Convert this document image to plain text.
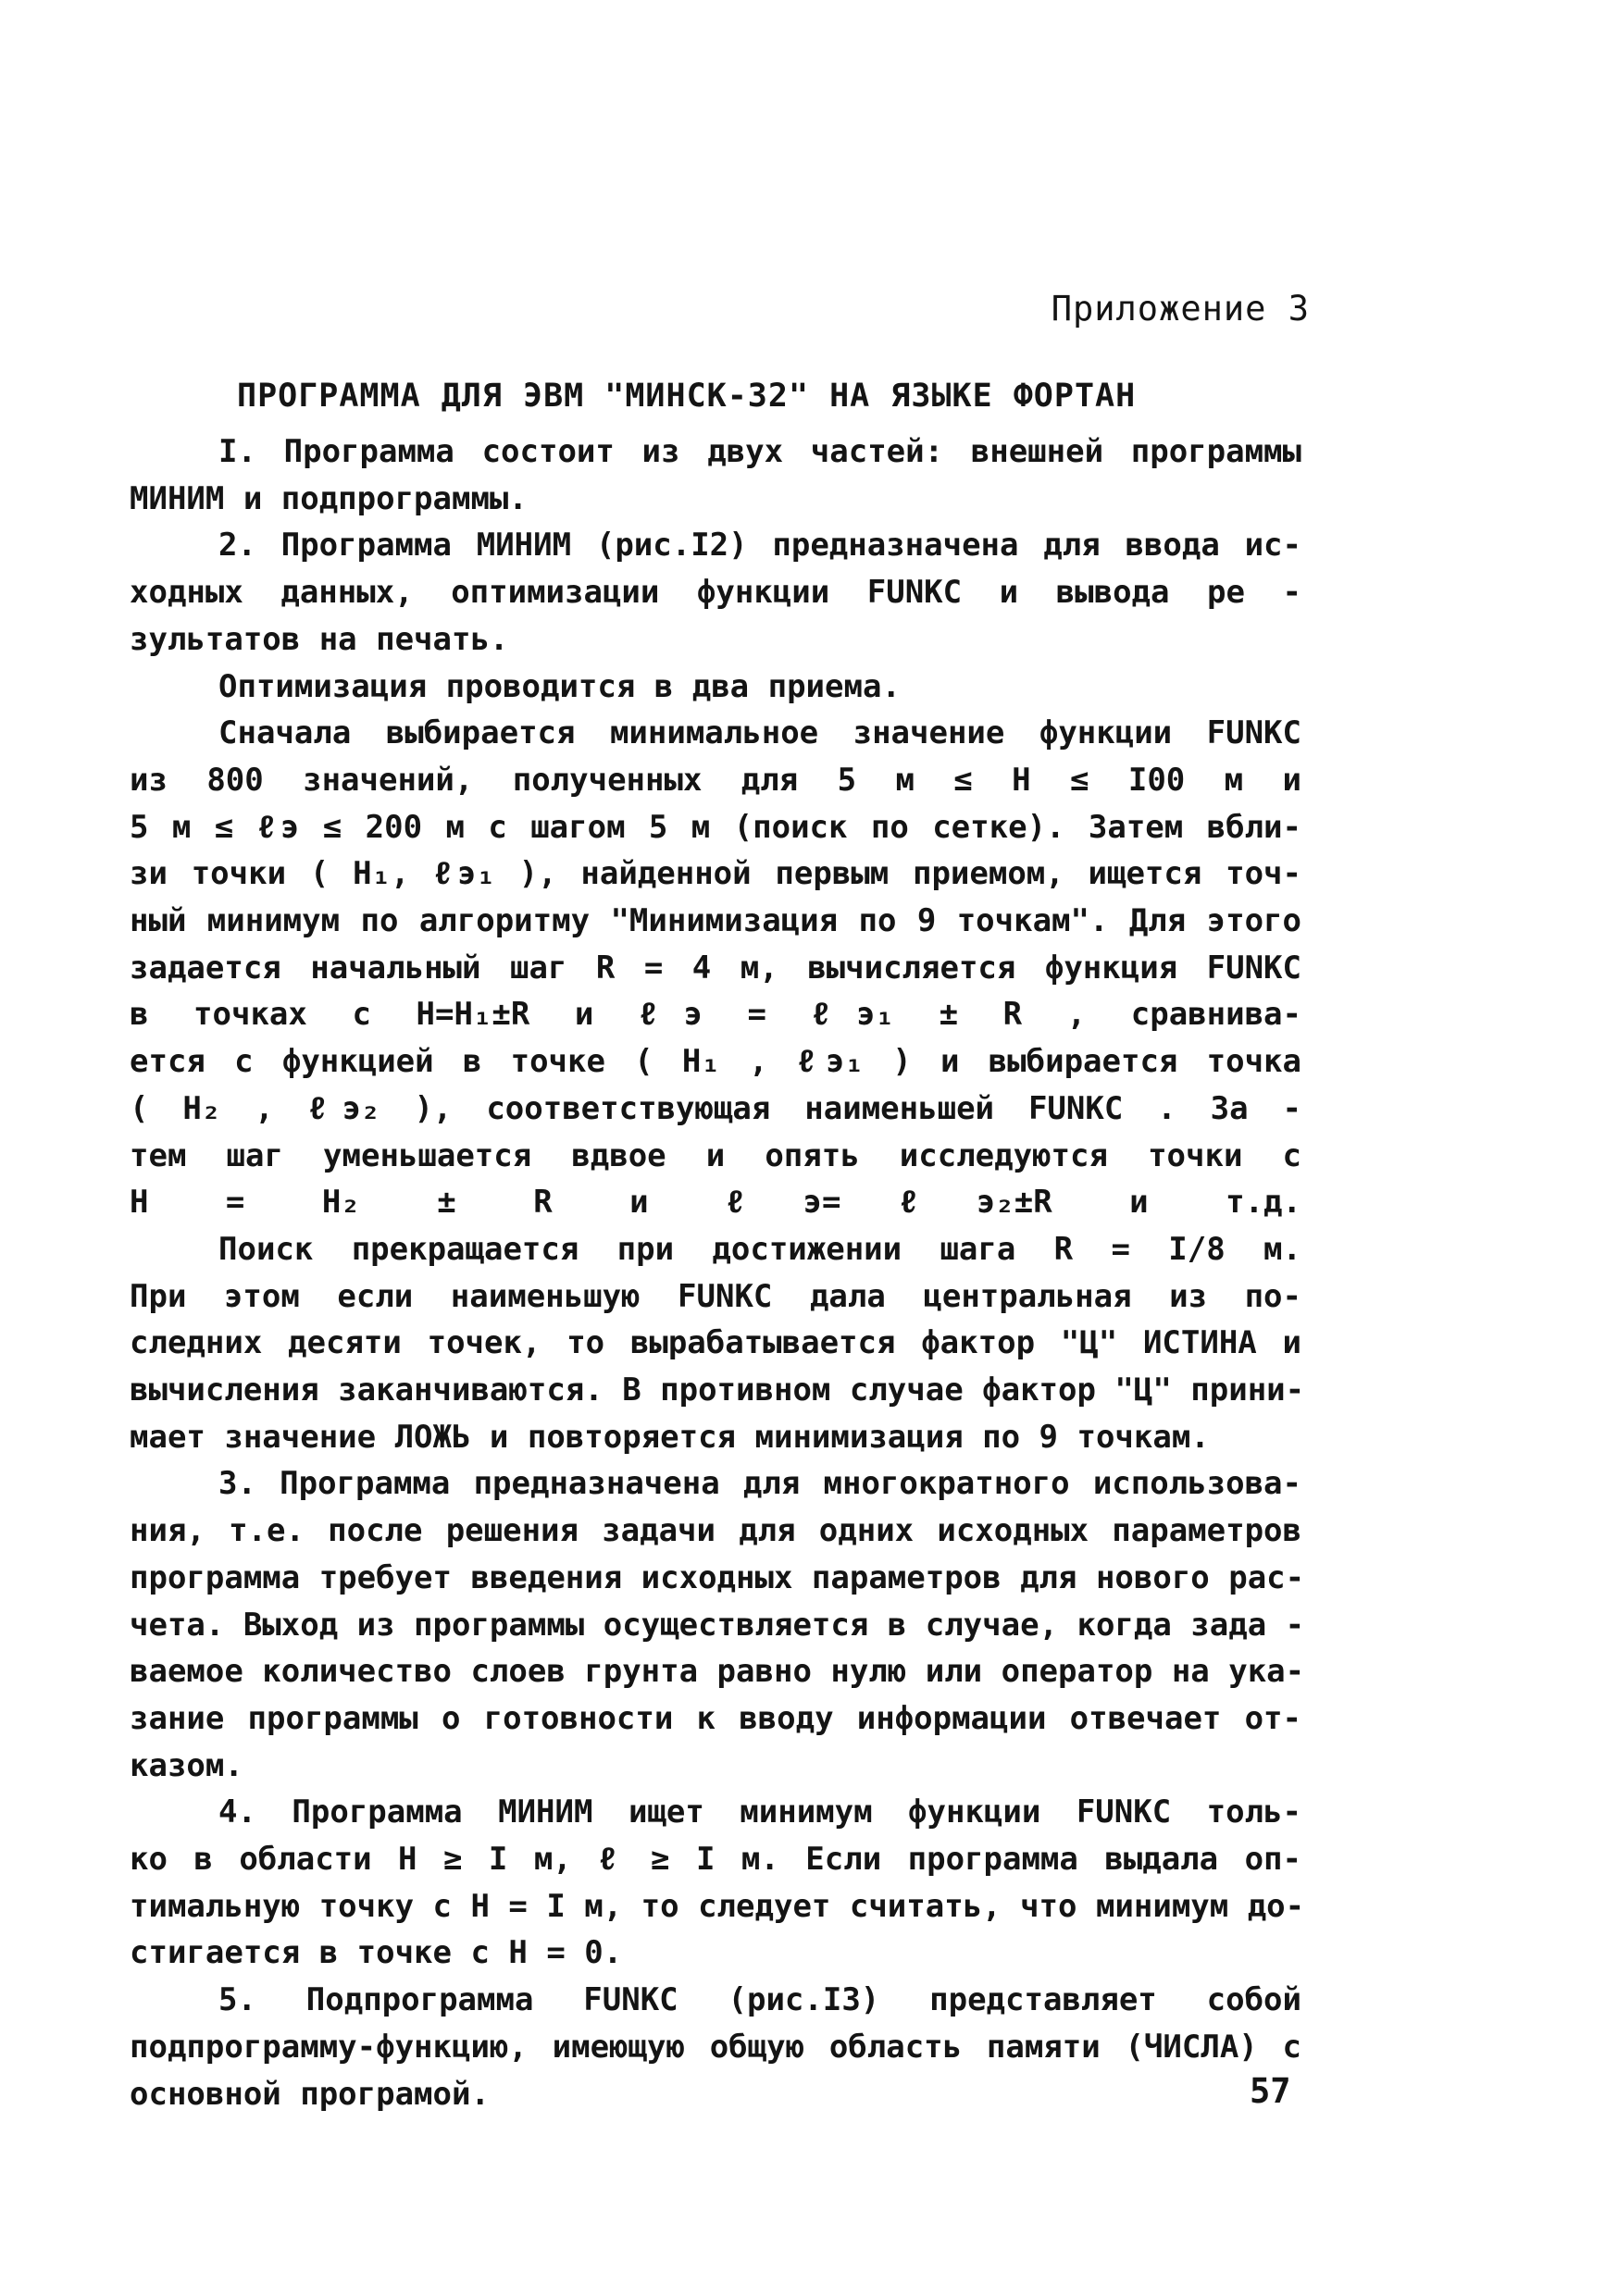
Приложение 3
ПРОГРАММА ДЛЯ ЭВМ "МИНСК-32" НА ЯЗЫКЕ ФОРТАН
I. Программа состоит из двух частей: внешней программы
МИНИМ и подпрограммы.
2. Программа МИНИМ (рис.I2) предназначена для ввода ис-
ходных данных, оптимизации функции FUNKC и вывода ре -
зультатов на печать.
Оптимизация проводится в два приема.
Сначала выбирается минимальное значение функции FUNKC
из 800 значений, полученных для 5 м ≤ Н ≤ I00 м и
5 м ≤ ℓэ ≤ 200 м с шагом 5 м (поиск по сетке). Затем вбли-
зи точки ( Н₁, ℓэ₁ ), найденной первым приемом, ищется точ-
ный минимум по алгоритму "Минимизация по 9 точкам". Для этого
задается начальный шаг R = 4 м, вычисляется функция FUNKC
в точках с Н=Н₁±R и ℓэ = ℓэ₁ ± R , сравнива-
ется с функцией в точке ( Н₁ , ℓэ₁ ) и выбирается точка
( Н₂ , ℓэ₂ ), соответствующая наименьшей FUNKC . За -
тем шаг уменьшается вдвое и опять исследуются точки с
Н = Н₂ ± R и ℓэ=ℓэ₂±R и т.д.
Поиск прекращается при достижении шага R = I/8 м.
При этом если наименьшую FUNKC дала центральная из по-
следних десяти точек, то вырабатывается фактор "Ц" ИСТИНА и
вычисления заканчиваются. В противном случае фактор "Ц" прини-
мает значение ЛОЖЬ и повторяется минимизация по 9 точкам.
3. Программа предназначена для многократного использова-
ния, т.е. после решения задачи для одних исходных параметров
программа требует введения исходных параметров для нового рас-
чета. Выход из программы осуществляется в случае, когда зада -
ваемое количество слоев грунта равно нулю или оператор на ука-
зание программы о готовности к вводу информации отвечает от-
казом.
4. Программа МИНИМ ищет минимум функции FUNKC толь-
ко в области Н ≥ I м, ℓ ≥ I м. Если программа выдала оп-
тимальную точку с Н = I м, то следует считать, что минимум до-
стигается в точке с Н = 0.
5. Подпрограмма FUNKC (рис.I3) представляет собой
подпрограмму-функцию, имеющую общую область памяти (ЧИСЛА) с
основной програмой.	57
